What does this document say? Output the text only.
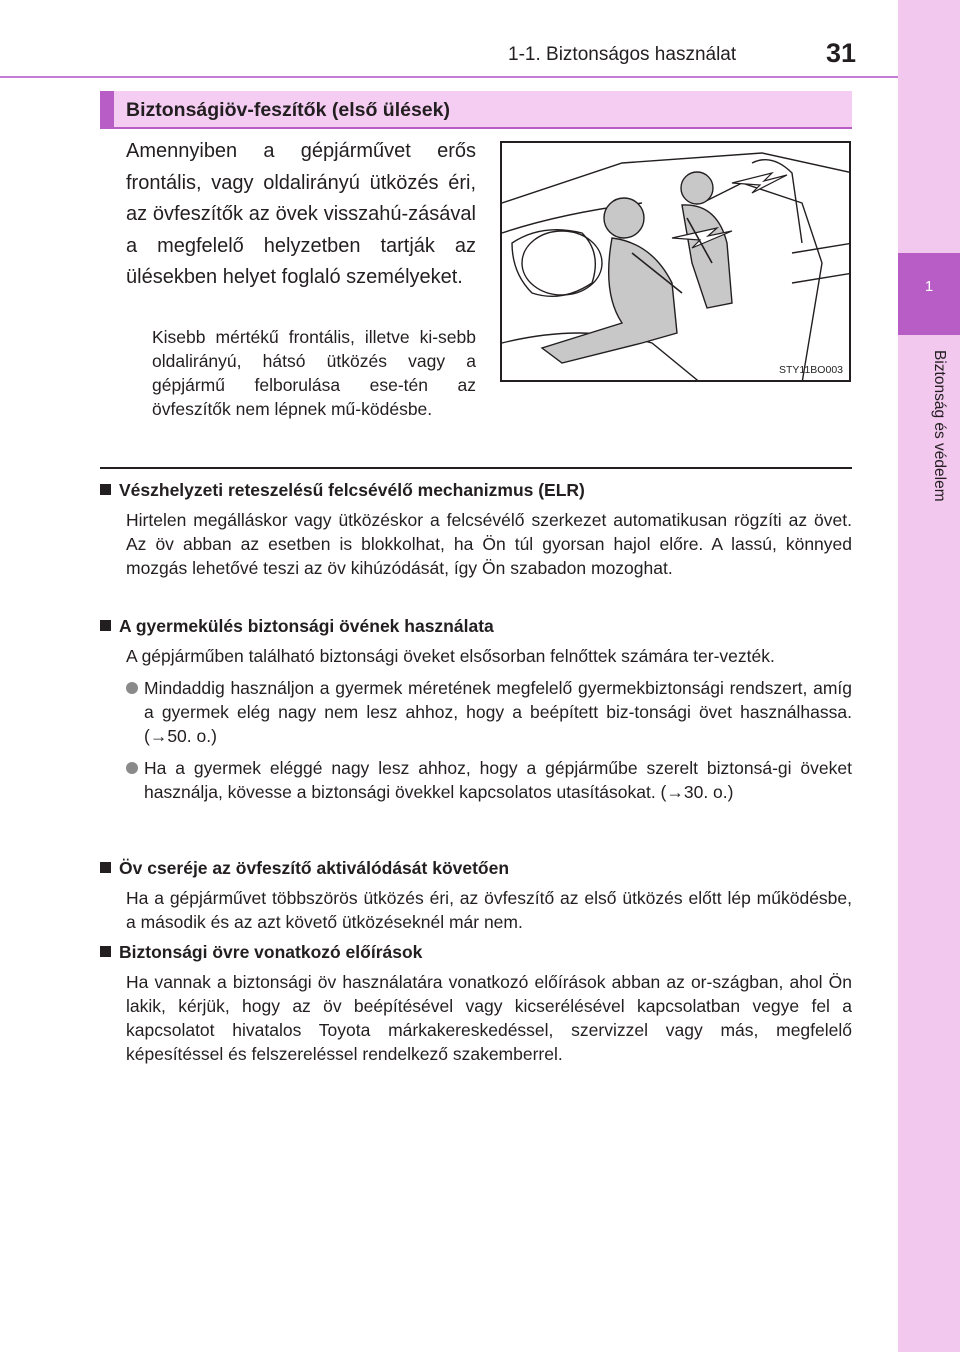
1-1. Biztonságos használat	31
1
Biztonság és védelem
Biztonságiöv-feszítők (első ülések)
Amennyiben a gépjárművet erős frontális, vagy oldalirányú ütközés éri, az övfeszítők az övek visszahú-zásával a megfelelő helyzetben tartják az ülésekben helyet foglaló személyeket.
Kisebb mértékű frontális, illetve ki-sebb oldalirányú, hátsó ütközés vagy a gépjármű felborulása ese-tén az övfeszítők nem lépnek mű-ködésbe.
STY11BO003
Vészhelyzeti reteszelésű felcsévélő mechanizmus (ELR)
Hirtelen megálláskor vagy ütközéskor a felcsévélő szerkezet automatikusan rögzíti az övet. Az öv abban az esetben is blokkolhat, ha Ön túl gyorsan hajol előre. A lassú, könnyed mozgás lehetővé teszi az öv kihúzódását, így Ön szabadon mozoghat.
A gyermekülés biztonsági övének használata
A gépjárműben található biztonsági öveket elsősorban felnőttek számára ter-vezték.
Mindaddig használjon a gyermek méretének megfelelő gyermekbiztonsági rendszert, amíg a gyermek elég nagy nem lesz ahhoz, hogy a beépített biz-tonsági övet használhassa. (→50. o.)
Ha a gyermek eléggé nagy lesz ahhoz, hogy a gépjárműbe szerelt biztonsá-gi öveket használja, kövesse a biztonsági övekkel kapcsolatos utasításokat. (→30. o.)
Öv cseréje az övfeszítő aktiválódását követően
Ha a gépjárművet többszörös ütközés éri, az övfeszítő az első ütközés előtt lép működésbe, a második és az azt követő ütközéseknél már nem.
Biztonsági övre vonatkozó előírások
Ha vannak a biztonsági öv használatára vonatkozó előírások abban az or-szágban, ahol Ön lakik, kérjük, hogy az öv beépítésével vagy kicserélésével kapcsolatban vegye fel a kapcsolatot hivatalos Toyota márkakereskedéssel, szervizzel vagy más, megfelelő képesítéssel és felszereléssel rendelkező szakemberrel.
